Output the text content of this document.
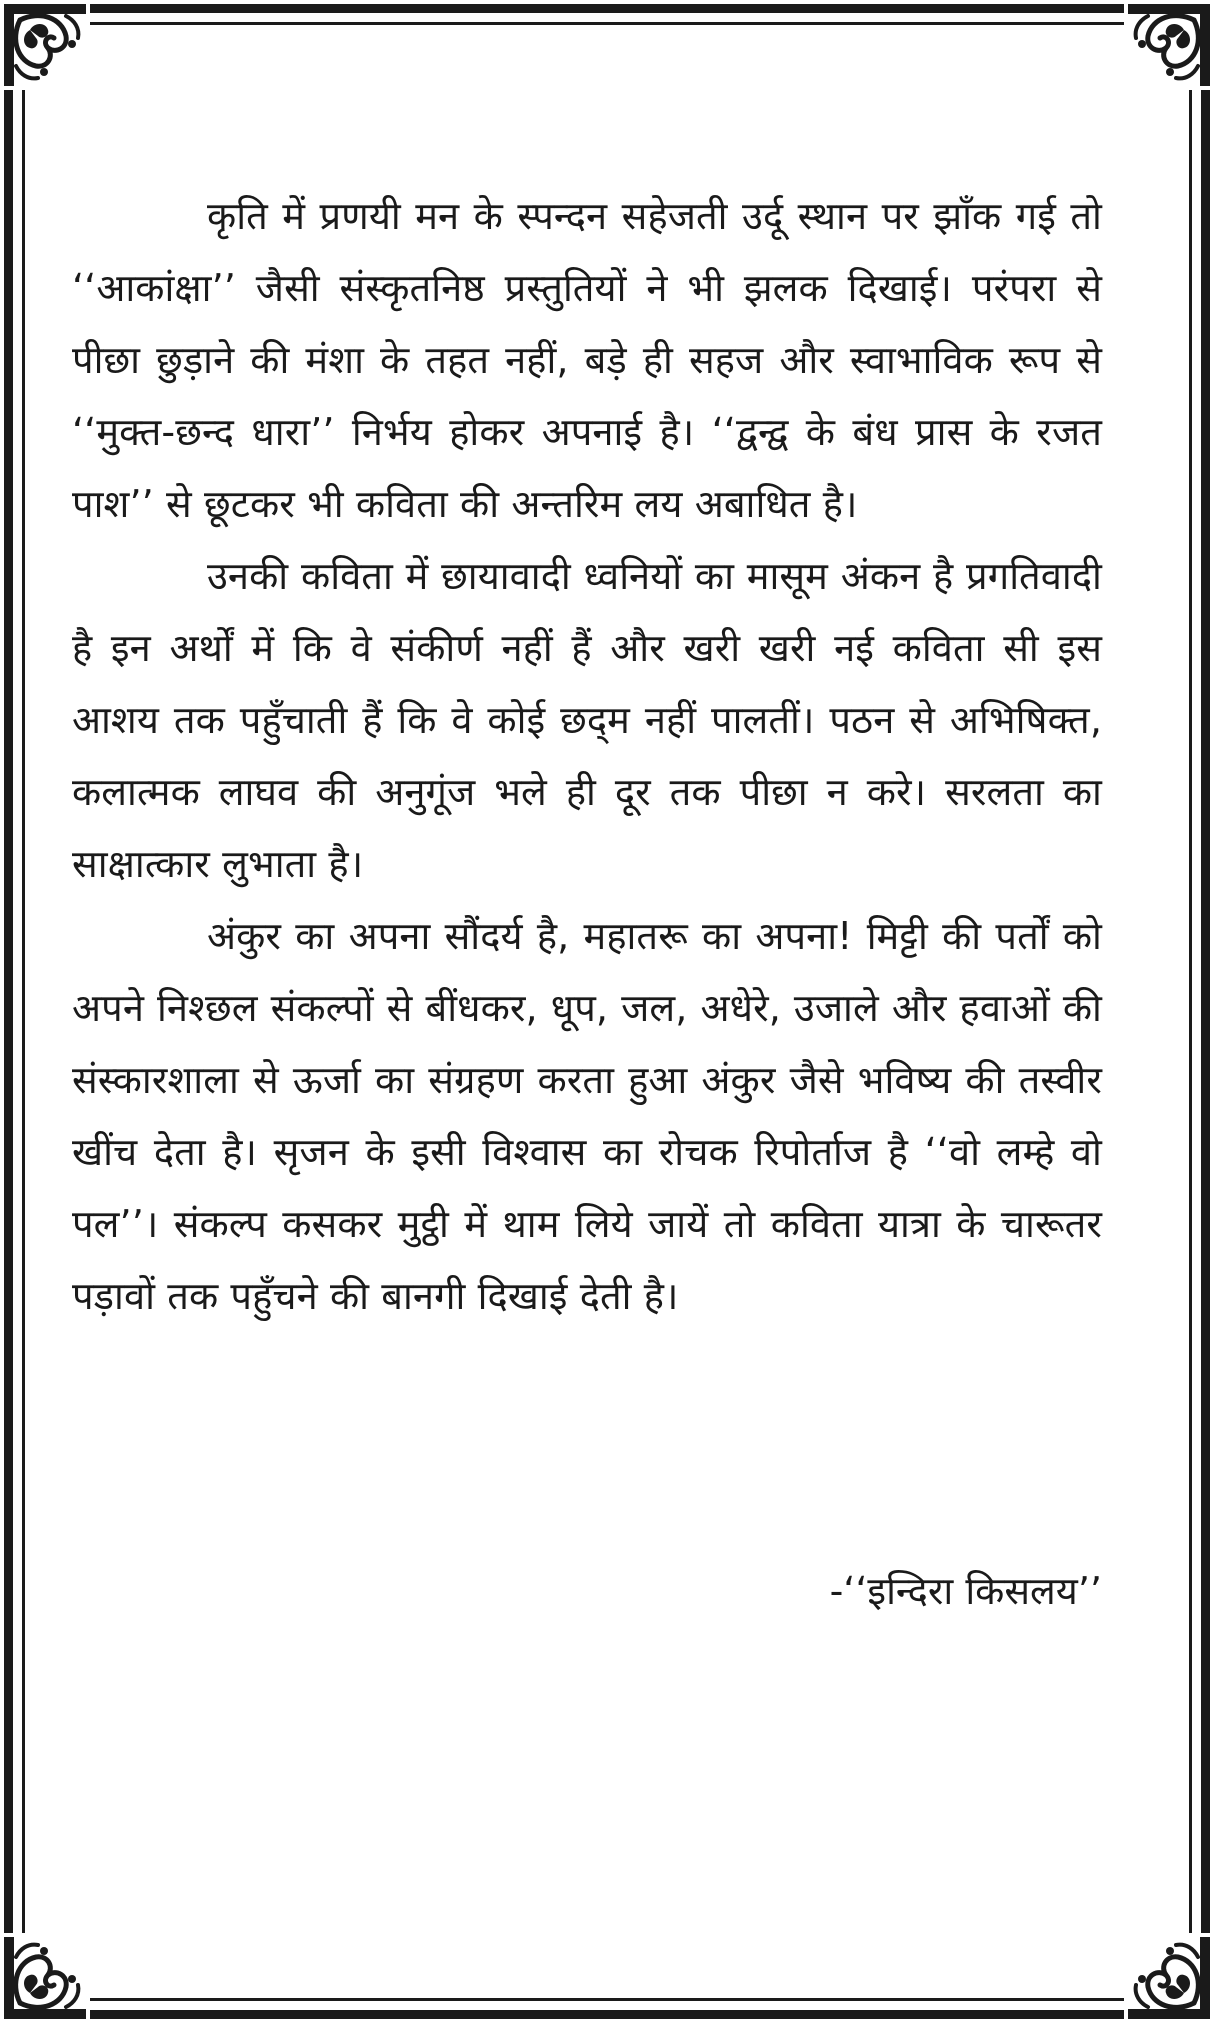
कृति में प्रणयी मन के स्पन्दन सहेजती उर्दू स्थान पर झाँक गई तो ‘‘आकांक्षा’’ जैसी संस्कृतनिष्ठ प्रस्तुतियों ने भी झलक दिखाई। परंपरा से पीछा छुड़ाने की मंशा के तहत नहीं, बड़े ही सहज और स्वाभाविक रूप से ‘‘मुक्त-छन्द धारा’’ निर्भय होकर अपनाई है। ‘‘द्वन्द्व के बंध प्रास के रजत पाश’’ से छूटकर भी कविता की अन्तरिम लय अबाधित है।

उनकी कविता में छायावादी ध्वनियों का मासूम अंकन है प्रगतिवादी है इन अर्थों में कि वे संकीर्ण नहीं हैं और खरी खरी नई कविता सी इस आशय तक पहुँचाती हैं कि वे कोई छद्‌म नहीं पालतीं। पठन से अभिषिक्त, कलात्मक लाघव की अनुगूंज भले ही दूर तक पीछा न करे। सरलता का साक्षात्कार लुभाता है।

अंकुर का अपना सौंदर्य है, महातरू का अपना! मिट्टी की पर्तों को अपने निश्छल संकल्पों से बींधकर, धूप, जल, अधेरे, उजाले और हवाओं की संस्कारशाला से ऊर्जा का संग्रहण करता हुआ अंकुर जैसे भविष्य की तस्वीर खींच देता है। सृजन के इसी विश्वास का रोचक रिपोर्ताज है ‘‘वो लम्हे वो पल’’। संकल्प कसकर मुट्ठी में थाम लिये जायें तो कविता यात्रा के चारूतर पड़ावों तक पहुँचने की बानगी दिखाई देती है।

-‘‘इन्दिरा किसलय’’
